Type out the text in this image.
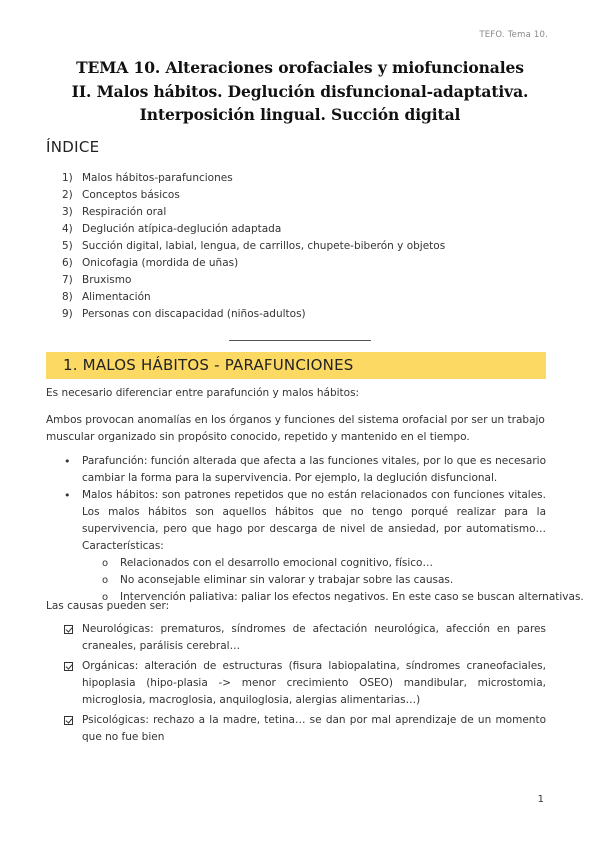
TEFO. Tema 10.
TEMA 10. Alteraciones orofaciales y miofuncionales
II. Malos hábitos. Deglución disfuncional-adaptativa.
Interposición lingual. Succión digital
ÍNDICE
1) Malos hábitos-parafunciones
2) Conceptos básicos
3) Respiración oral
4) Deglución atípica-deglución adaptada
5) Succión digital, labial, lengua, de carrillos, chupete-biberón y objetos
6) Onicofagia (mordida de uñas)
7) Bruxismo
8) Alimentación
9) Personas con discapacidad (niños-adultos)
1. MALOS HÁBITOS - PARAFUNCIONES
Es necesario diferenciar entre parafunción y malos hábitos:
Ambos provocan anomalías en los órganos y funciones del sistema orofacial por ser un trabajo muscular organizado sin propósito conocido, repetido y mantenido en el tiempo.
• Parafunción: función alterada que afecta a las funciones vitales, por lo que es necesario cambiar la forma para la supervivencia. Por ejemplo, la deglución disfuncional.
• Malos hábitos: son patrones repetidos que no están relacionados con funciones vitales. Los malos hábitos son aquellos hábitos que no tengo porqué realizar para la supervivencia, pero que hago por descarga de nivel de ansiedad, por automatismo… Características:
o Relacionados con el desarrollo emocional cognitivo, físico…
o No aconsejable eliminar sin valorar y trabajar sobre las causas.
o Intervención paliativa: paliar los efectos negativos. En este caso se buscan alternativas.
Las causas pueden ser:
Neurológicas: prematuros, síndromes de afectación neurológica, afección en pares craneales, parálisis cerebral…
Orgánicas: alteración de estructuras (fisura labiopalatina, síndromes craneofaciales, hipoplasia (hipo-plasia -> menor crecimiento OSEO) mandibular, microstomia, microglosia, macroglosia, anquiloglosia, alergias alimentarias…)
Psicológicas: rechazo a la madre, tetina… se dan por mal aprendizaje de un momento que no fue bien
1
